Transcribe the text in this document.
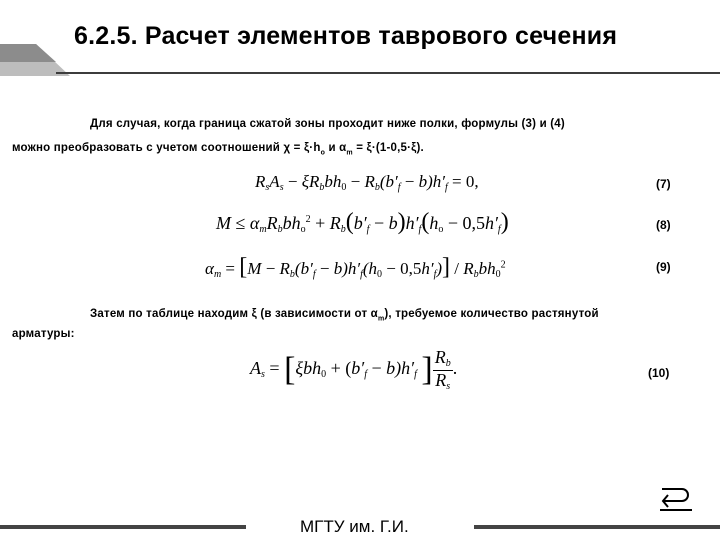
6.2.5. Расчет элементов таврового сечения
Для случая, когда граница сжатой зоны проходит ниже полки, формулы (3) и (4)
можно преобразовать с учетом соотношений $\chi = \xi\cdot h_o$ и $\alpha_m = \xi\cdot(1-0,5\cdot\xi)$.
$R_sA_s - \xi R_bbh_0 - R_b(b'_f - b)h'_f = 0$,	(7)
$M \le \alpha_mR_bbh_o^2 + R_b(b'_f - b)h'_f(h_o - 0,5h'_f)$	(8)
$\alpha_m = [M - R_b(b'_f - b)h'_f(h_0 - 0,5h'_f)] / R_bbh_0^2$	(9)
Затем по таблице находим ξ (в зависимости от $\alpha_m$), требуемое количество растянутой
арматуры:
$A_s = [\xi bh_0 + (b'_f - b)h'_f$ ] $\frac{R_b}{R_s}$ .	(10)
МГТУ им. Г.И.
